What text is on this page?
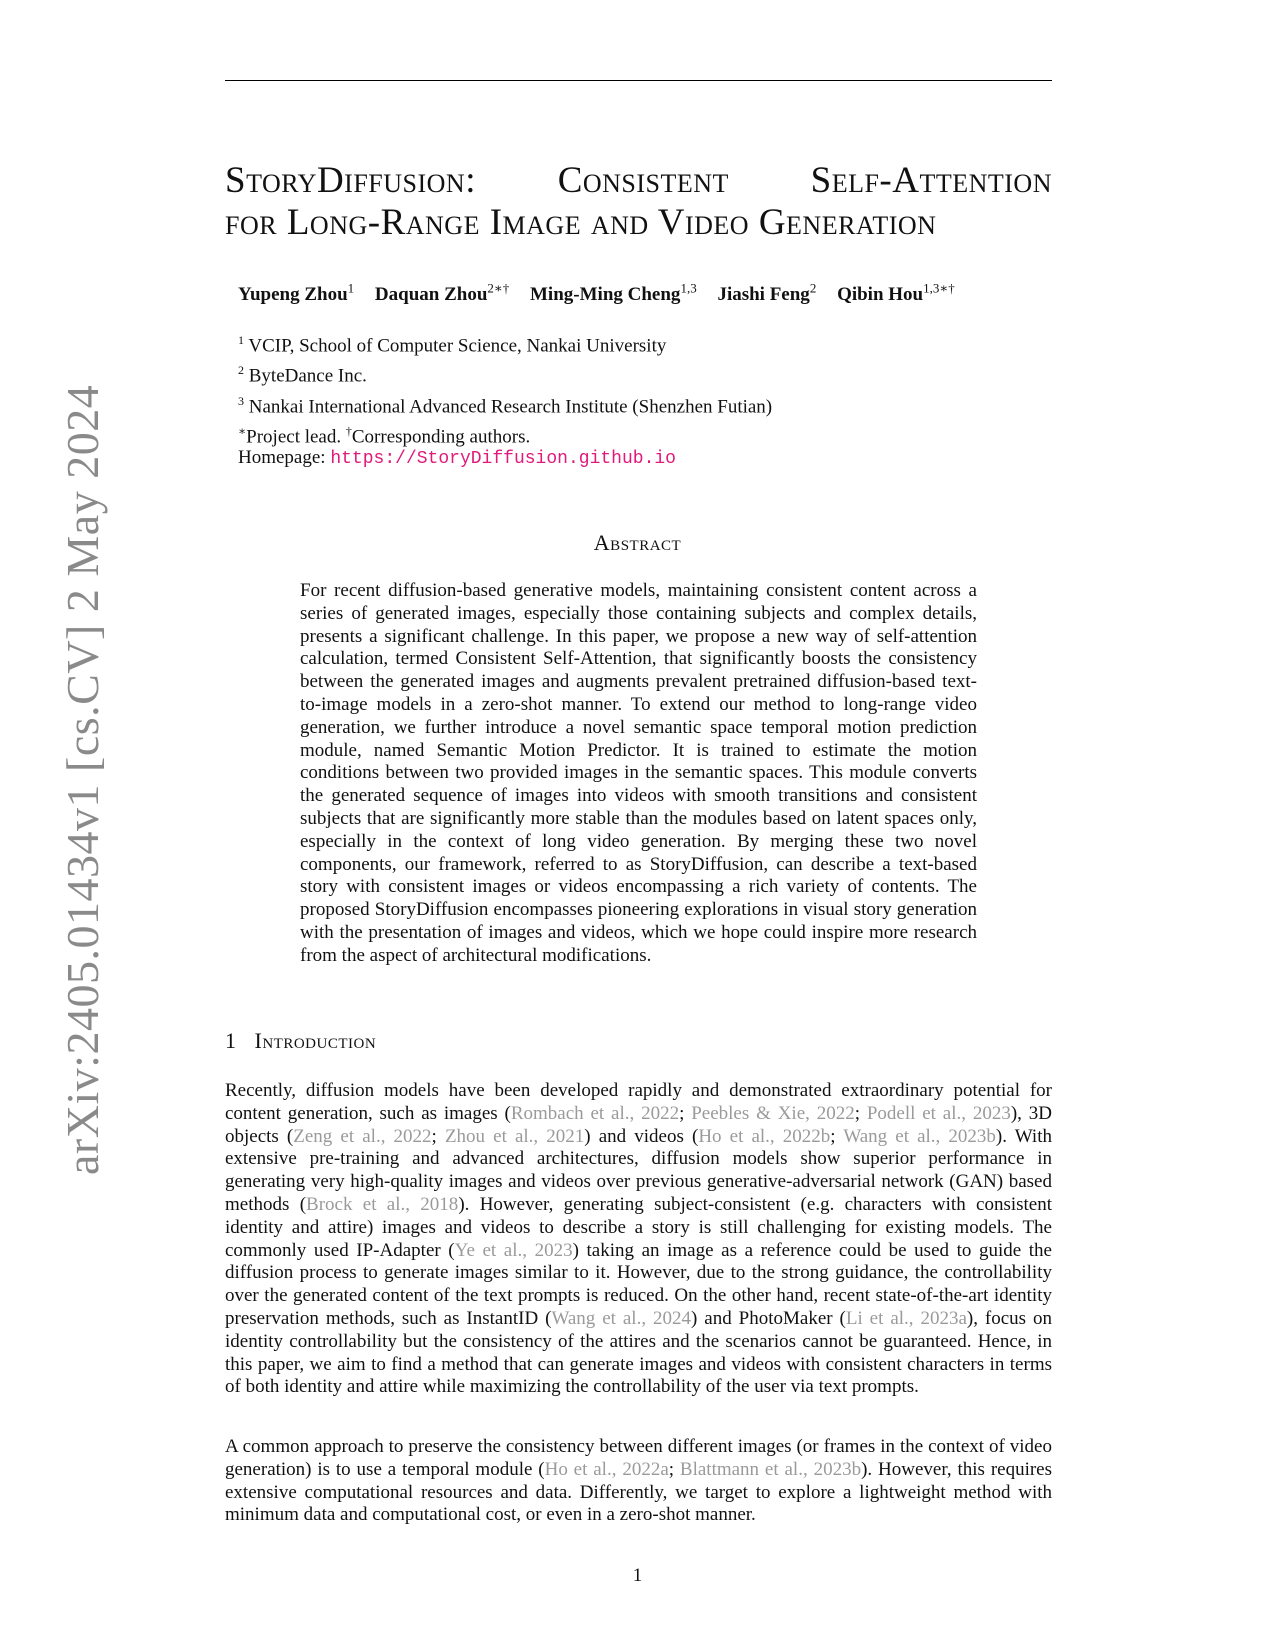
arXiv:2405.01434v1 [cs.CV] 2 May 2024
StoryDiffusion: Consistent Self-Attention
for Long-Range Image and Video Generation
Yupeng Zhou$^1$ Daquan Zhou$^{2∗\dagger}$ Ming-Ming Cheng$^{1,3}$ Jiashi Feng$^2$ Qibin Hou$^{1,3∗\dagger}$
$^1$ VCIP, School of Computer Science, Nankai University
$^2$ ByteDance Inc.
$^3$ Nankai International Advanced Research Institute (Shenzhen Futian)
∗Project lead. †Corresponding authors.
Homepage: https://StoryDiffusion.github.io
Abstract
For recent diffusion-based generative models, maintaining consistent content across a series of generated images, especially those containing subjects and complex details, presents a significant challenge. In this paper, we propose a new way of self-attention calculation, termed Consistent Self-Attention, that significantly boosts the consistency between the generated images and augments prevalent pretrained diffusion-based text-to-image models in a zero-shot manner. To extend our method to long-range video generation, we further introduce a novel semantic space temporal motion prediction module, named Semantic Motion Predictor. It is trained to estimate the motion conditions between two provided images in the semantic spaces. This module converts the generated sequence of images into videos with smooth transitions and consistent subjects that are significantly more stable than the modules based on latent spaces only, especially in the context of long video generation. By merging these two novel components, our framework, referred to as StoryDiffusion, can describe a text-based story with consistent images or videos encompassing a rich variety of contents. The proposed StoryDiffusion encompasses pioneering explorations in visual story generation with the presentation of images and videos, which we hope could inspire more research from the aspect of architectural modifications.
1 Introduction
Recently, diffusion models have been developed rapidly and demonstrated extraordinary potential for content generation, such as images (Rombach et al., 2022; Peebles & Xie, 2022; Podell et al., 2023), 3D objects (Zeng et al., 2022; Zhou et al., 2021) and videos (Ho et al., 2022b; Wang et al., 2023b). With extensive pre-training and advanced architectures, diffusion models show superior performance in generating very high-quality images and videos over previous generative-adversarial network (GAN) based methods (Brock et al., 2018). However, generating subject-consistent (e.g. characters with consistent identity and attire) images and videos to describe a story is still challenging for existing models. The commonly used IP-Adapter (Ye et al., 2023) taking an image as a reference could be used to guide the diffusion process to generate images similar to it. However, due to the strong guidance, the controllability over the generated content of the text prompts is reduced. On the other hand, recent state-of-the-art identity preservation methods, such as InstantID (Wang et al., 2024) and PhotoMaker (Li et al., 2023a), focus on identity controllability but the consistency of the attires and the scenarios cannot be guaranteed. Hence, in this paper, we aim to find a method that can generate images and videos with consistent characters in terms of both identity and attire while maximizing the controllability of the user via text prompts.
A common approach to preserve the consistency between different images (or frames in the context of video generation) is to use a temporal module (Ho et al., 2022a; Blattmann et al., 2023b). However, this requires extensive computational resources and data. Differently, we target to explore a lightweight method with minimum data and computational cost, or even in a zero-shot manner.
1
